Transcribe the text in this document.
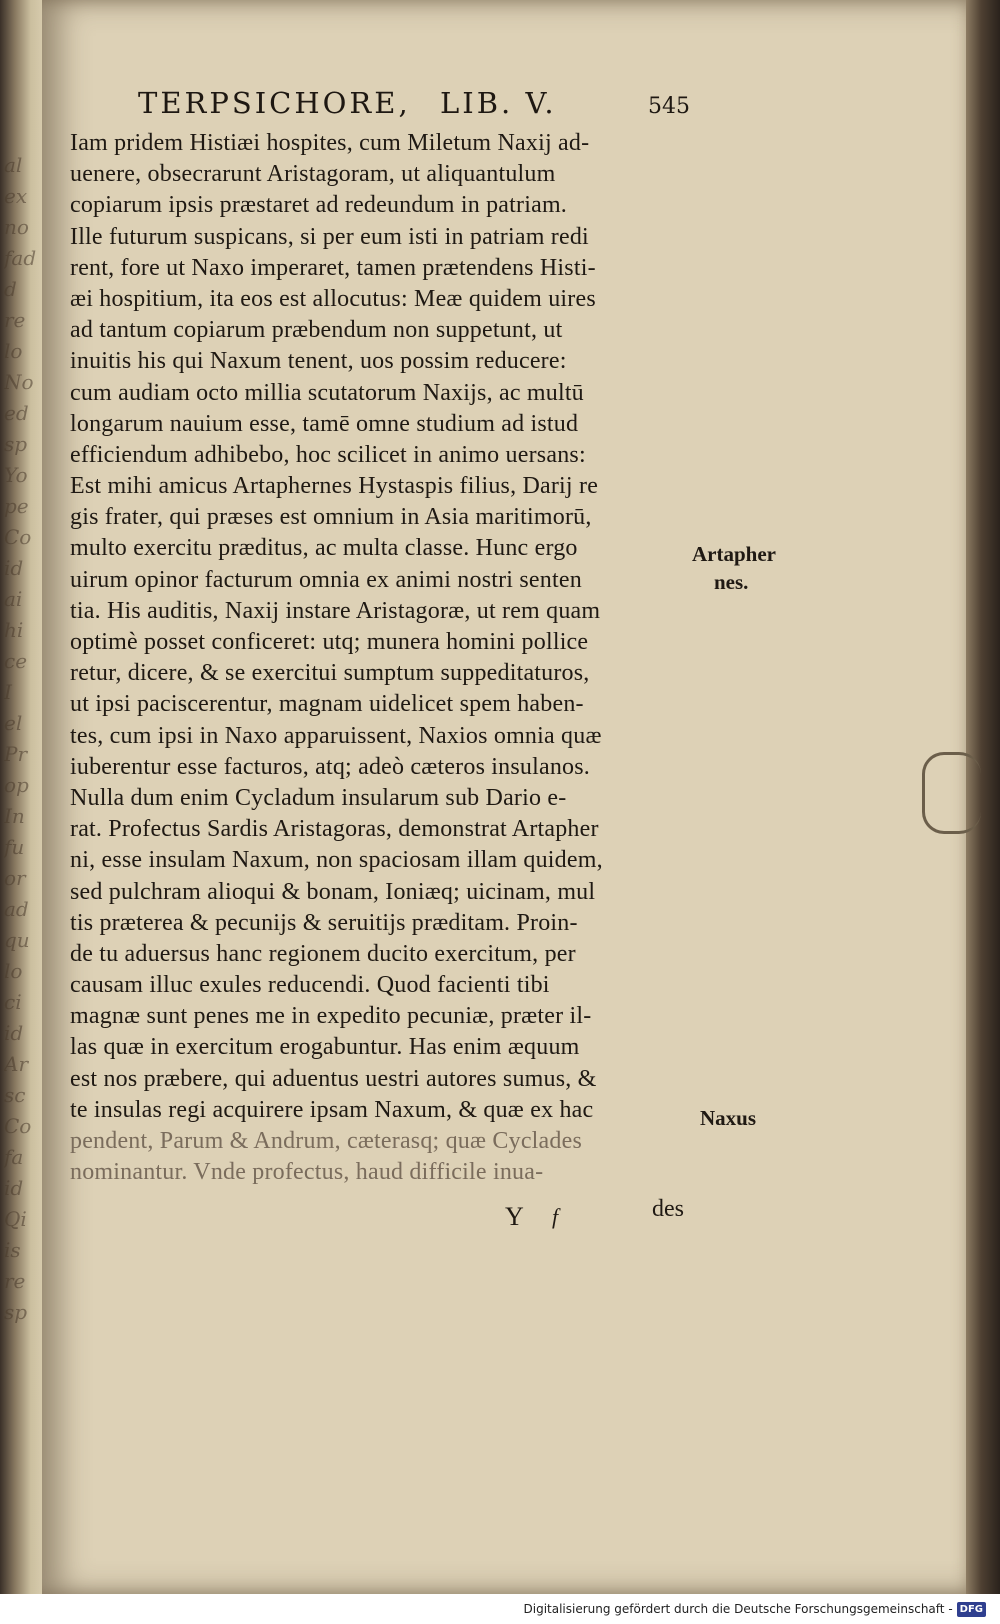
al
ex
no
fad
d
re
lo
No
ed
sp
Yo
pe
Co
id
ai
hi
ce
I
el
Pr
op
In
fu
or
ad
qu
lo
ci
id
Ar
sc
Co
fa
id
Qi
is
re
sp
TERPSICHORE, LIB. V.	545
Iam pridem Histiæi hospites, cum Miletum Naxij ad-
uenere, obsecrarunt Aristagoram, ut aliquantulum
copiarum ipsis præstaret ad redeundum in patriam.
Ille futurum suspicans, si per eum isti in patriam redi
rent, fore ut Naxo imperaret, tamen prætendens Histi-
æi hospitium, ita eos est allocutus: Meæ quidem uires
ad tantum copiarum præbendum non suppetunt, ut
inuitis his qui Naxum tenent, uos possim reducere:
cum audiam octo millia scutatorum Naxijs, ac multū
longarum nauium esse, tamē omne studium ad istud
efficiendum adhibebo, hoc scilicet in animo uersans:
Est mihi amicus Artaphernes Hystaspis filius, Darij re
gis frater, qui præses est omnium in Asia maritimorū,
multo exercitu præditus, ac multa classe. Hunc ergo
uirum opinor facturum omnia ex animi nostri senten
tia. His auditis, Naxij instare Aristagoræ, ut rem quam
optimè posset conficeret: utq; munera homini pollice
retur, dicere, & se exercitui sumptum suppeditaturos,
ut ipsi paciscerentur, magnam uidelicet spem haben-
tes, cum ipsi in Naxo apparuissent, Naxios omnia quæ
iuberentur esse facturos, atq; adeò cæteros insulanos.
Nulla dum enim Cycladum insularum sub Dario e-
rat. Profectus Sardis Aristagoras, demonstrat Artapher
ni, esse insulam Naxum, non spaciosam illam quidem,
sed pulchram alioqui & bonam, Ioniæq; uicinam, mul
tis præterea & pecunijs & seruitijs præditam. Proin-
de tu aduersus hanc regionem ducito exercitum, per
causam illuc exules reducendi. Quod facienti tibi
magnæ sunt penes me in expedito pecuniæ, præter il-
las quæ in exercitum erogabuntur. Has enim æquum
est nos præbere, qui aduentus uestri autores sumus, &
te insulas regi acquirere ipsam Naxum, & quæ ex hac
pendent, Parum & Andrum, cæterasq; quæ Cyclades
nominantur. Vnde profectus, haud difficile inua-
Artapher
nes.
Naxus
Y f	des
Digitalisierung gefördert durch die Deutsche Forschungsgemeinschaft - DFG
